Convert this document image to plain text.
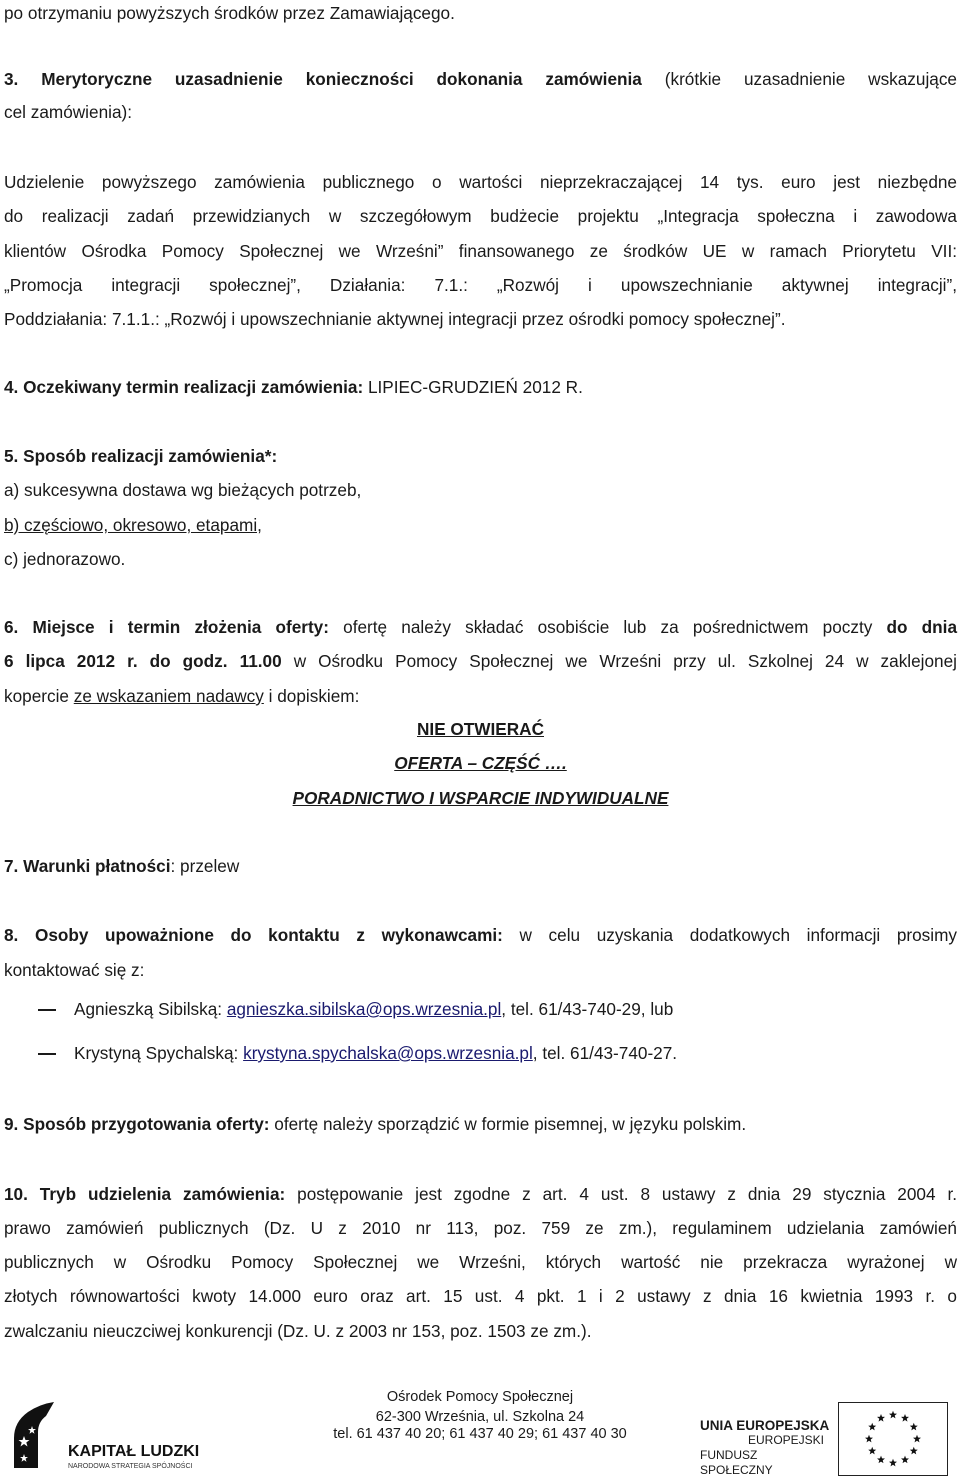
po otrzymaniu powyższych środków przez Zamawiającego.
3. Merytoryczne uzasadnienie konieczności dokonania zamówienia (krótkie uzasadnienie wskazujące
cel zamówienia):
Udzielenie powyższego zamówienia publicznego o wartości nieprzekraczającej 14 tys. euro jest niezbędne
do realizacji zadań przewidzianych w szczegółowym budżecie projektu „Integracja społeczna i zawodowa
klientów Ośrodka Pomocy Społecznej we Wrześni” finansowanego ze środków UE w ramach Priorytetu VII:
„Promocja integracji społecznej”, Działania: 7.1.: „Rozwój i upowszechnianie aktywnej integracji”,
Poddziałania: 7.1.1.: „Rozwój i upowszechnianie aktywnej integracji przez ośrodki pomocy społecznej”.
4. Oczekiwany termin realizacji zamówienia: LIPIEC-GRUDZIEŃ 2012 R.
5. Sposób realizacji zamówienia*:
a) sukcesywna dostawa wg bieżących potrzeb,
b) częściowo, okresowo, etapami,
c) jednorazowo.
6. Miejsce i termin złożenia oferty: ofertę należy składać osobiście lub za pośrednictwem poczty do dnia
6 lipca 2012 r. do godz. 11.00 w Ośrodku Pomocy Społecznej we Wrześni przy ul. Szkolnej 24 w zaklejonej
kopercie ze wskazaniem nadawcy i dopiskiem:
NIE OTWIERAĆ
OFERTA – CZĘŚĆ ….
PORADNICTWO I WSPARCIE INDYWIDUALNE
7. Warunki płatności: przelew
8. Osoby upoważnione do kontaktu z wykonawcami: w celu uzyskania dodatkowych informacji prosimy
kontaktować się z:
Agnieszką Sibilską: agnieszka.sibilska@ops.wrzesnia.pl, tel. 61/43-740-29, lub
Krystyną Spychalską: krystyna.spychalska@ops.wrzesnia.pl, tel. 61/43-740-27.
9. Sposób przygotowania oferty: ofertę należy sporządzić w formie pisemnej, w języku polskim.
10. Tryb udzielenia zamówienia: postępowanie jest zgodne z art. 4 ust. 8 ustawy z dnia 29 stycznia 2004 r.
prawo zamówień publicznych (Dz. U z 2010 nr 113, poz. 759 ze zm.), regulaminem udzielania zamówień
publicznych w Ośrodku Pomocy Społecznej we Wrześni, których wartość nie przekracza wyrażonej w
złotych równowartości kwoty 14.000 euro oraz art. 15 ust. 4 pkt. 1 i 2 ustawy z dnia 16 kwietnia 1993 r. o
zwalczaniu nieuczciwej konkurencji (Dz. U. z 2003 nr 153, poz. 1503 ze zm.).
KAPITAŁ LUDZKI
NARODOWA STRATEGIA SPÓJNOŚCI
Ośrodek Pomocy Społecznej
62-300 Września, ul. Szkolna 24
tel. 61 437 40 20; 61 437 40 29; 61 437 40 30
UNIA EUROPEJSKA
EUROPEJSKI
FUNDUSZ SPOŁECZNY
